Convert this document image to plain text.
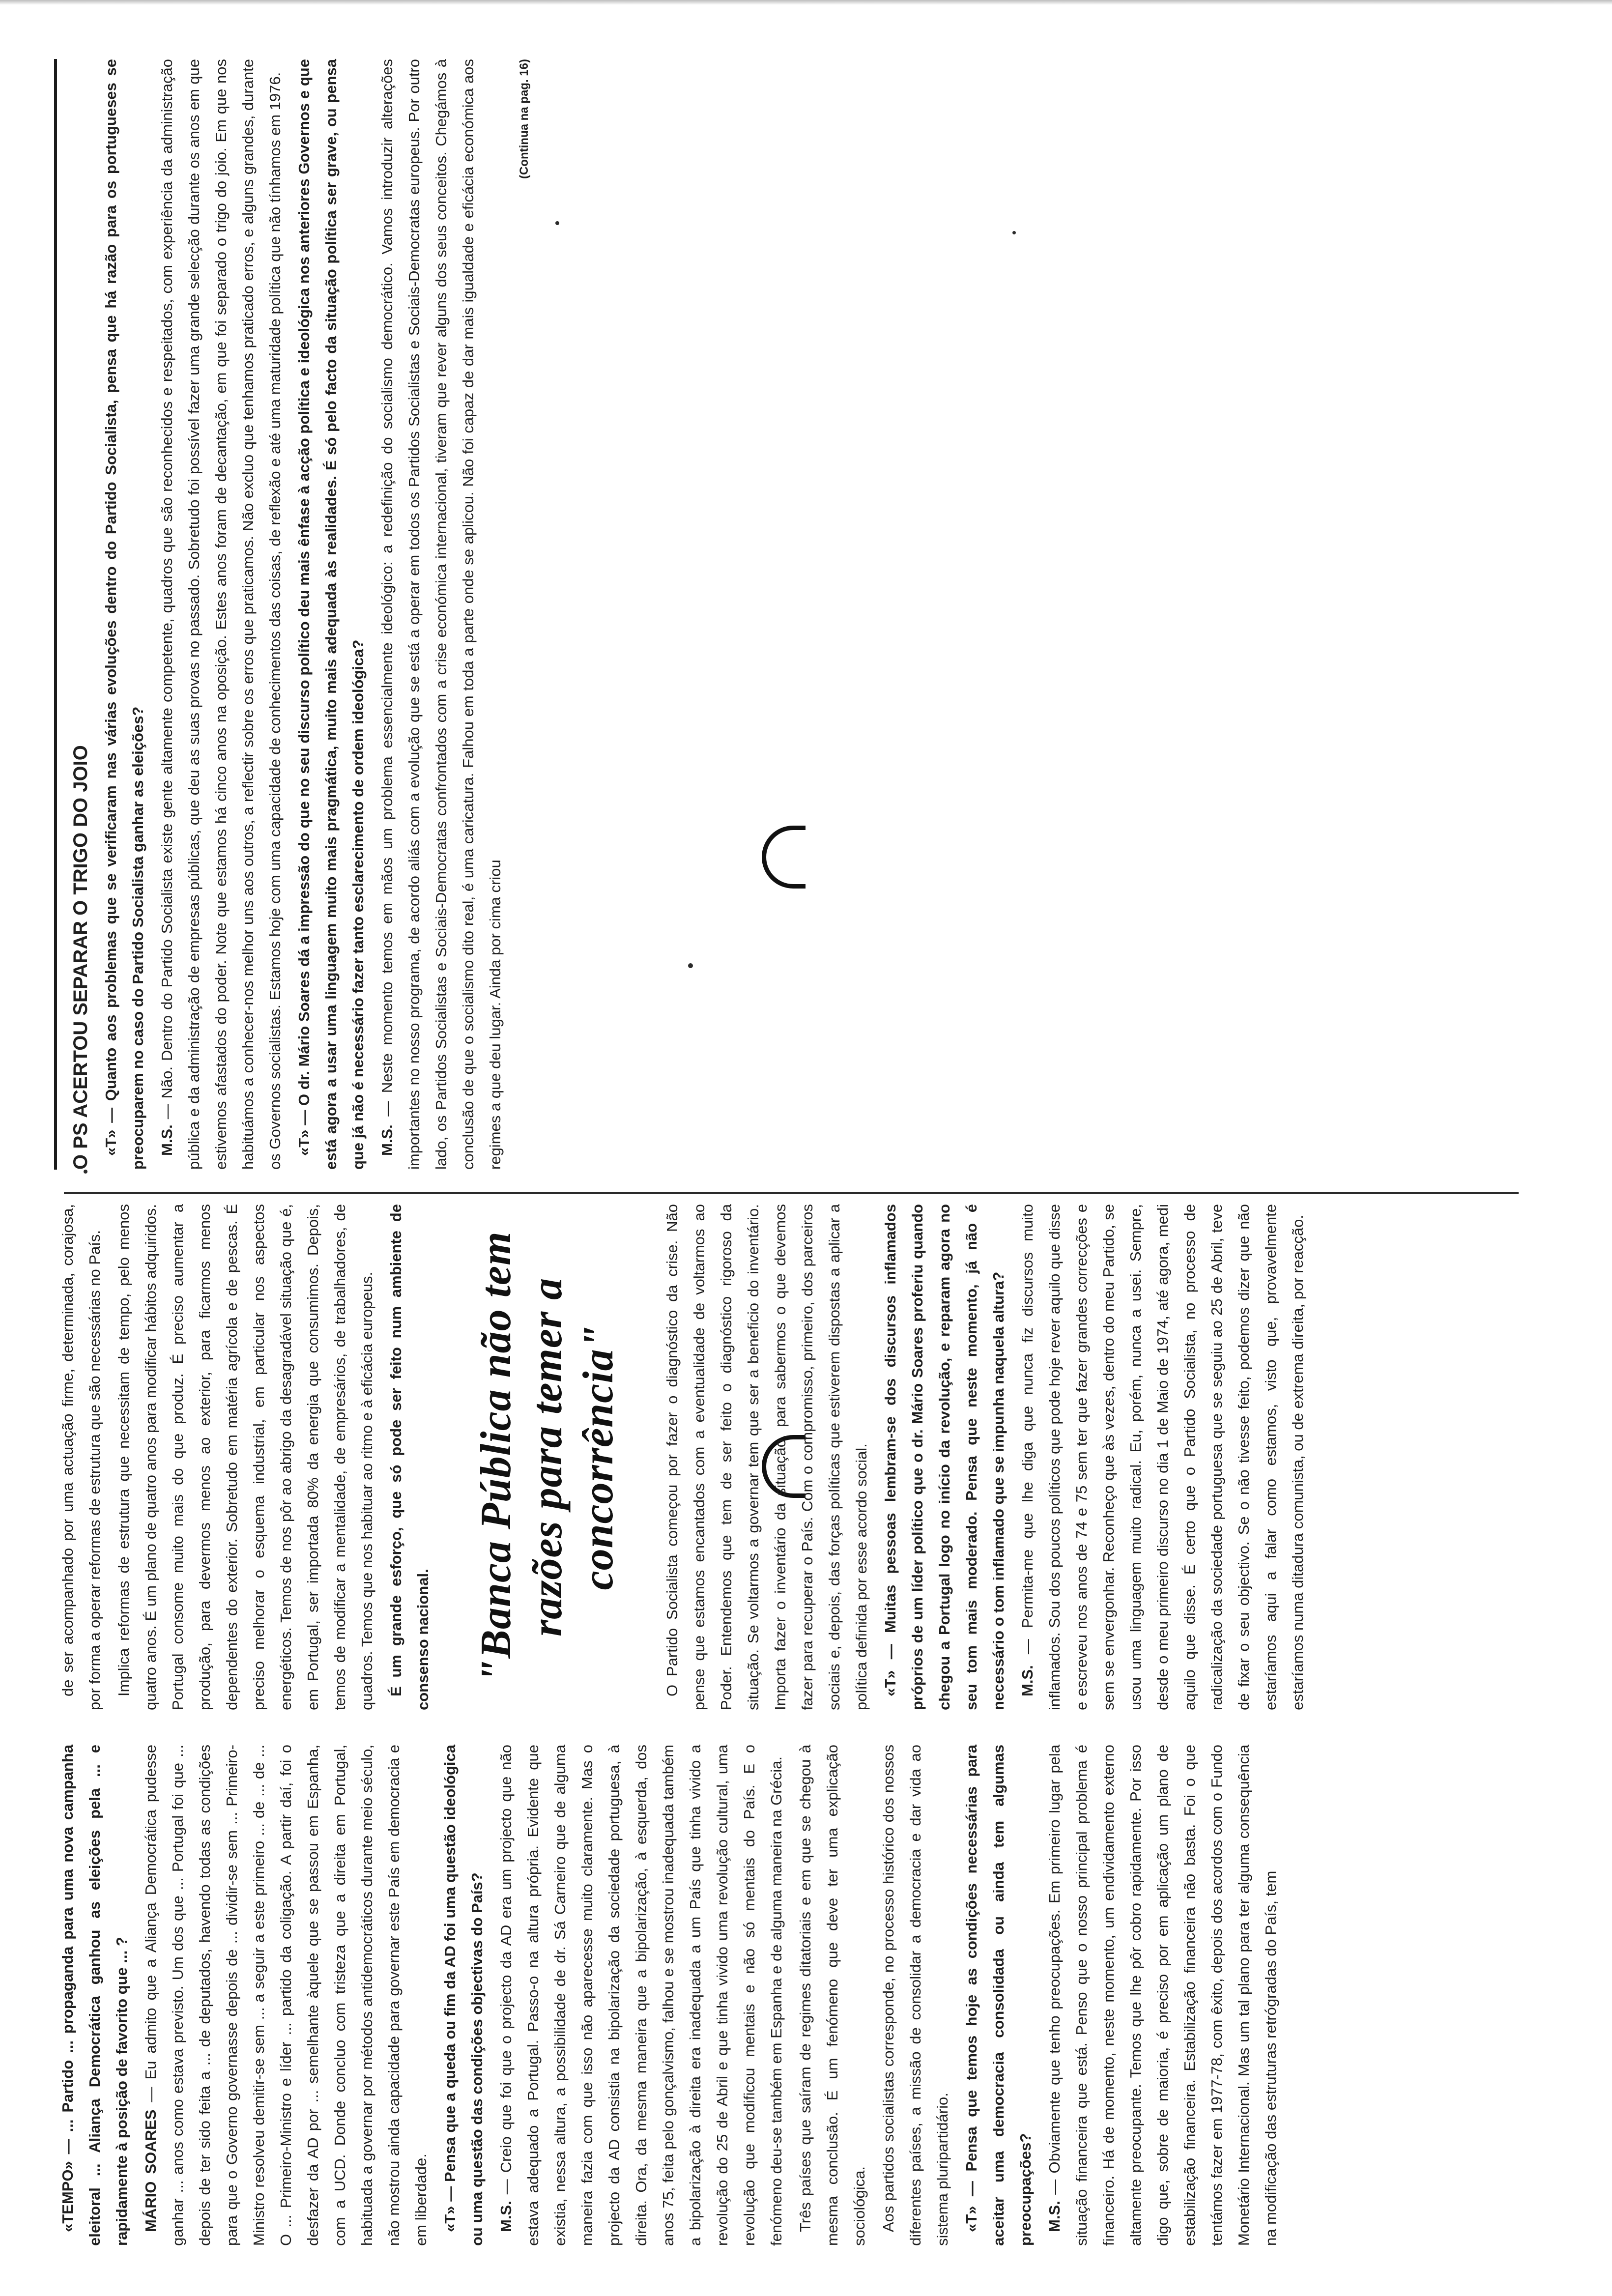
«TEMPO» — ... Partido ... propaganda para uma nova campanha eleitoral ... Aliança Democrática ganhou as eleições pela ... e rapidamente à posição de favorito que ... ? MÁRIO SOARES — Eu admito que a Aliança Democrática pudesse ganhar ... anos como estava previsto. Um dos que ... Portugal foi que ... depois de ter sido feita a ... de deputados, havendo todas as condições para que o Governo governasse depois de ... dividir-se sem ... Primeiro-Ministro resolveu demitir-se sem ... a seguir a este primeiro ... de ... de ... O ... Primeiro-Ministro e líder ... partido da coligação. A partir daí, foi o desfazer da AD por ... semelhante àquele que se passou em Espanha, com a UCD. Donde concluo com tristeza que a direita em Portugal, habituada a governar por métodos antidemocráticos durante meio século, não mostrou ainda capacidade para governar este País em democracia e em liberdade. «T» — Pensa que a queda ou fim da AD foi uma questão ideológica ou uma questão das condições objectivas do País? M.S. — Creio que foi que o projecto da AD era um projecto que não estava adequado a Portugal. Passo-o na altura própria. Evidente que existia, nessa altura, a possibilidade de dr. Sá Carneiro que de alguma maneira fazia com que isso não aparecesse muito claramente. Mas o projecto da AD consistia na bipolarização da sociedade portuguesa, à direita. Ora, da mesma maneira que a bipolarização, à esquerda, dos anos 75, feita pelo gonçalvismo, falhou e se mostrou inadequada também a bipolarização à direita era inadequada a um País que tinha vivido a revolução do 25 de Abril e que tinha vivido uma revolução cultural, uma revolução que modificou mentais e não só mentais do País. E o fenómeno deu-se também em Espanha e de alguma maneira na Grécia. Três países que saíram de regimes ditatoriais e em que se chegou à mesma conclusão. É um fenómeno que deve ter uma explicação sociológica. Aos partidos socialistas corresponde, no processo histórico dos nossos diferentes países, a missão de consolidar a democracia e dar vida ao sistema pluripartidário. «T» — Pensa que temos hoje as condições necessárias para aceitar uma democracia consolidada ou ainda tem algumas preocupações? M.S. — Obviamente que tenho preocupações. Em primeiro lugar pela situação financeira que está. Penso que o nosso principal problema é financeiro. Há de momento, neste momento, um endividamento externo altamente preocupante. Temos que lhe pôr cobro rapidamente. Por isso digo que, sobre de maioria, é preciso por em aplicação um plano de estabilização financeira. Estabilização financeira não basta. Foi o que tentámos fazer em 1977-78, com êxito, depois dos acordos com o Fundo Monetário Internacional. Mas um tal plano para ter alguma consequência na modificação das estruturas retrógradas do País, tem

de ser acompanhado por uma actuação firme, determinada, corajosa, por forma a operar reformas de estrutura que são necessárias no País. Implica reformas de estrutura que necessitam de tempo, pelo menos quatro anos. É um plano de quatro anos para modificar hábitos adquiridos. Portugal consome muito mais do que produz. É preciso aumentar a produção, para devermos menos ao exterior, para ficarmos menos dependentes do exterior. Sobretudo em matéria agrícola e de pescas. É preciso melhorar o esquema industrial, em particular nos aspectos energéticos. Temos de nos pôr ao abrigo da desagradável situação que é, em Portugal, ser importada 80% da energia que consumimos. Depois, temos de modificar a mentalidade, de empresários, de trabalhadores, de quadros. Temos que nos habituar ao ritmo e à eficácia europeus. É um grande esforço, que só pode ser feito num ambiente de consenso nacional. "Banca Pública não tem razões para temer a concorrência"	O Partido Socialista começou por fazer o diagnóstico da crise. Não pense que estamos encantados com a eventualidade de voltarmos ao Poder. Entendemos que tem de ser feito o diagnóstico rigoroso da situação. Se voltarmos a governar tem que ser a beneficio do inventário. Importa fazer o inventário da situação, para sabermos o que devemos fazer para recuperar o País. Com o compromisso, primeiro, dos parceiros sociais e, depois, das forças políticas que estiverem dispostas a aplicar a política definida por esse acordo social. «T» — Muitas pessoas lembram-se dos discursos inflamados próprios de um líder político que o dr. Mário Soares proferiu quando chegou a Portugal logo no início da revolução, e reparam agora no seu tom mais moderado. Pensa que neste momento, já não é necessário o tom inflamado que se impunha naquela altura? M.S. — Permita-me que lhe diga que nunca fiz discursos muito inflamados. Sou dos poucos políticos que pode hoje rever aquilo que disse e escreveu nos anos de 74 e 75 sem ter que fazer grandes correcções e sem se envergonhar. Reconheço que às vezes, dentro do meu Partido, se usou uma linguagem muito radical. Eu, porém, nunca a usei. Sempre, desde o meu primeiro discurso no dia 1 de Maio de 1974, até agora, medi aquilo que disse. É certo que o Partido Socialista, no processo de radicalização da sociedade portuguesa que se seguiu ao 25 de Abril, teve de fixar o seu objectivo. Se o não tivesse feito, podemos dizer que não estaríamos aqui a falar como estamos, visto que, provavelmente estaríamos numa ditadura comunista, ou de extrema direita, por reacção.

O PS ACERTOU SEPARAR O TRIGO DO JOIO «T» — Quanto aos problemas que se verificaram nas várias evoluções dentro do Partido Socialista, pensa que há razão para os portugueses se preocuparem no caso do Partido Socialista ganhar as eleições? M.S. — Não. Dentro do Partido Socialista existe gente altamente competente, quadros que são reconhecidos e respeitados, com experiência da administração pública e da administração de empresas públicas, que deu as suas provas no passado. Sobretudo foi possível fazer uma grande selecção durante os anos em que estivemos afastados do poder. Note que estamos há cinco anos na oposição. Estes anos foram de decantação, em que foi separado o trigo do joio. Em que nos habituámos a conhecer-nos melhor uns aos outros, a reflectir sobre os erros que praticamos. Não excluo que tenhamos praticado erros, e alguns grandes, durante os Governos socialistas. Estamos hoje com uma capacidade de conhecimentos das coisas, de reflexão e até uma maturidade política que não tínhamos em 1976. «T» — O dr. Mário Soares dá a impressão do que no seu discurso político deu mais ênfase à acção política e ideológica nos anteriores Governos e que está agora a usar uma linguagem muito mais pragmática, muito mais adequada às realidades. É só pelo facto da situação política ser grave, ou pensa que já não é necessário fazer tanto esclarecimento de ordem ideológica? M.S. — Neste momento temos em mãos um problema essencialmente ideológico: a redefinição do socialismo democrático. Vamos introduzir alterações importantes no nosso programa, de acordo aliás com a evolução que se está a operar em todos os Partidos Socialistas e Sociais-Democratas europeus. Por outro lado, os Partidos Socialistas e Sociais-Democratas confrontados com a crise económica internacional, tiveram que rever alguns dos seus conceitos. Chegámos à conclusão de que o socialismo dito real, é uma caricatura. Falhou em toda a parte onde se aplicou. Não foi capaz de dar mais igualdade e eficácia económica aos regimes a que deu lugar. Ainda por cima criou

(Continua na pag. 16)
